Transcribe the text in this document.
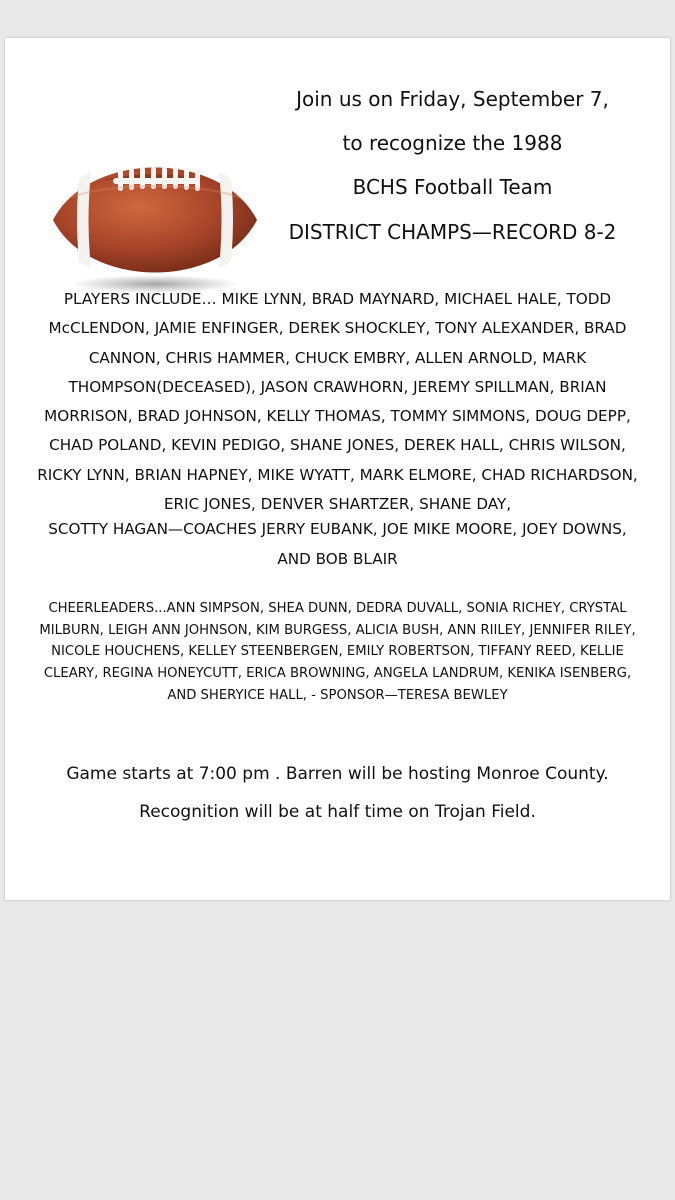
Join us on Friday, September 7,
to recognize the 1988
BCHS Football Team
DISTRICT CHAMPS—RECORD 8-2

PLAYERS INCLUDE… MIKE LYNN, BRAD MAYNARD, MICHAEL HALE, TODD McCLENDON, JAMIE ENFINGER, DEREK SHOCKLEY, TONY ALEXANDER, BRAD CANNON, CHRIS HAMMER, CHUCK EMBRY, ALLEN ARNOLD, MARK THOMPSON(DECEASED), JASON CRAWHORN, JEREMY SPILLMAN, BRIAN MORRISON, BRAD JOHNSON, KELLY THOMAS, TOMMY SIMMONS, DOUG DEPP, CHAD POLAND, KEVIN PEDIGO, SHANE JONES, DEREK HALL, CHRIS WILSON, RICKY LYNN, BRIAN HAPNEY, MIKE WYATT, MARK ELMORE, CHAD RICHARDSON, ERIC JONES, DENVER SHARTZER, SHANE DAY,

SCOTTY HAGAN—COACHES JERRY EUBANK, JOE MIKE MOORE, JOEY DOWNS, AND BOB BLAIR

CHEERLEADERS...ANN SIMPSON, SHEA DUNN, DEDRA DUVALL, SONIA RICHEY, CRYSTAL MILBURN, LEIGH ANN JOHNSON, KIM BURGESS, ALICIA BUSH, ANN RIILEY, JENNIFER RILEY, NICOLE HOUCHENS, KELLEY STEENBERGEN, EMILY ROBERTSON, TIFFANY REED, KELLIE CLEARY, REGINA HONEYCUTT, ERICA BROWNING, ANGELA LANDRUM, KENIKA ISENBERG, AND SHERYICE HALL, - SPONSOR—TERESA BEWLEY

Game starts at 7:00 pm . Barren will be hosting Monroe County.

Recognition will be at half time on Trojan Field.
